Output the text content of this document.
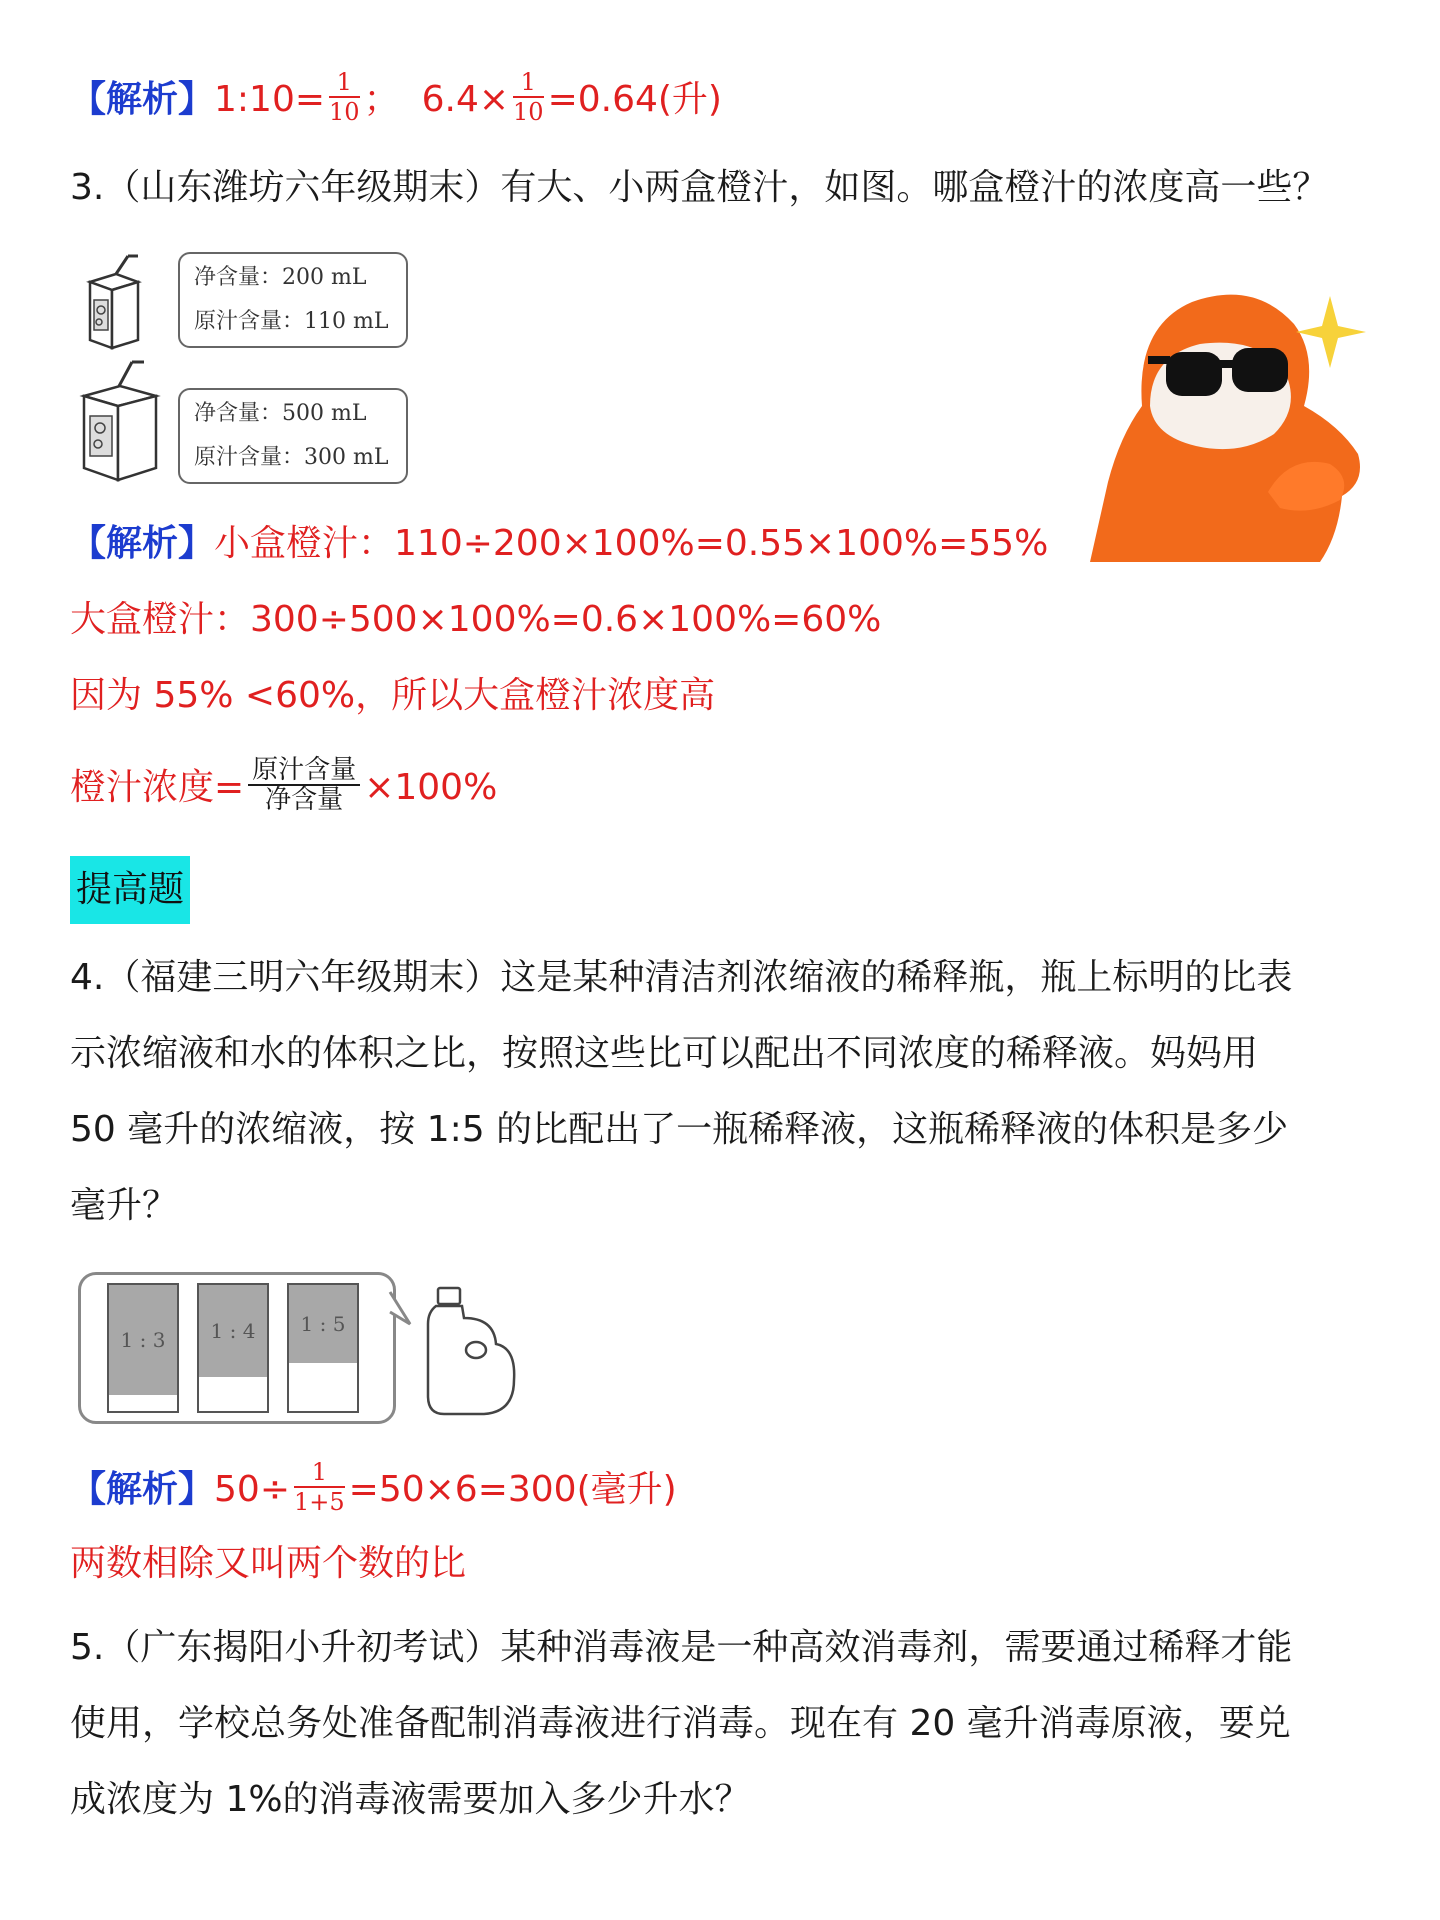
【解析】1:10= $\frac{1}{10}$ ； $6.4\times \frac{1}{10} =0.64$(升)
3.（山东潍坊六年级期末）有大、小两盒橙汁，如图。哪盒橙汁的浓度高一些？
净含量：200 mL
原汁含量：110 mL
净含量：500 mL
原汁含量：300 mL
【解析】小盒橙汁：110÷200×100%=0.55×100%=55%
大盒橙汁：300÷500×100%=0.6×100%=60%
因为 55% <60%，所以大盒橙汁浓度高
橙汁浓度= $\frac{\text{原汁含量}}{\text{净含量}} \times 100\%$
提高题
4.（福建三明六年级期末）这是某种清洁剂浓缩液的稀释瓶，瓶上标明的比表
示浓缩液和水的体积之比，按照这些比可以配出不同浓度的稀释液。妈妈用
50 毫升的浓缩液，按 1:5 的比配出了一瓶稀释液，这瓶稀释液的体积是多少
毫升？
1 : 3 1 : 4 1 : 5
【解析】$50\div \frac{1}{1+5} =50\times 6=300$(毫升)
两数相除又叫两个数的比
5.（广东揭阳小升初考试）某种消毒液是一种高效消毒剂，需要通过稀释才能
使用，学校总务处准备配制消毒液进行消毒。现在有 20 毫升消毒原液，要兑
成浓度为 1%的消毒液需要加入多少升水？
